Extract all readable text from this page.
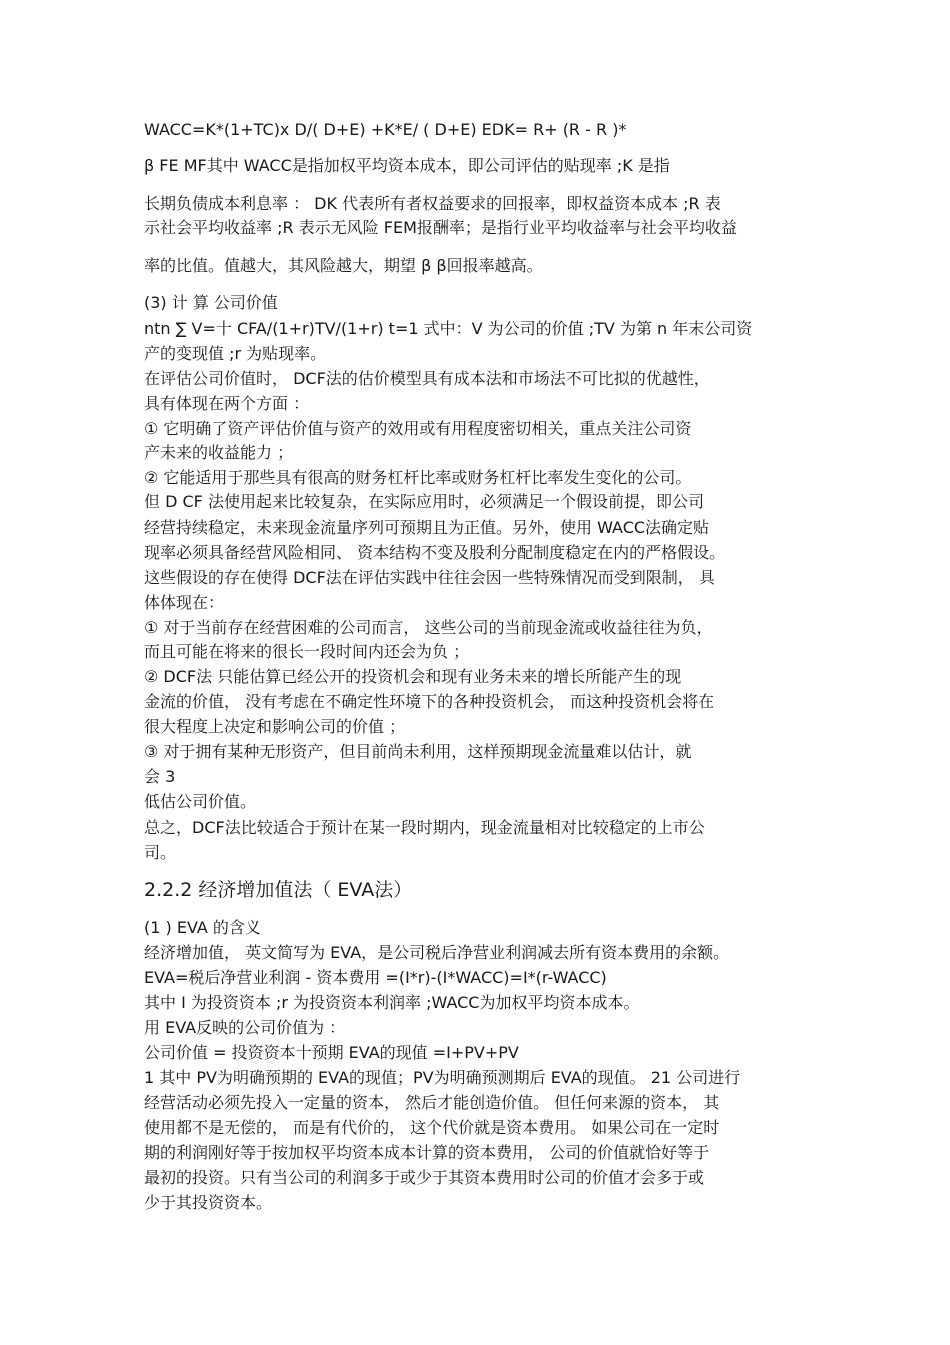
WACC=K*(1+TC)x D/( D+E) +K*E/ ( D+E) EDK= R+ (R - R )*
β FE MF其中 WACC是指加权平均资本成本，即公司评估的贴现率 ;K 是指
长期负债成本利息率 ： DK 代表所有者权益要求的回报率，即权益资本成本 ;R 表
示社会平均收益率 ;R 表示无风险 FEM报酬率；是指行业平均收益率与社会平均收益
率的比值。值越大，其风险越大，期望 β β回报率越高。
(3) 计 算 公司价值
ntn ∑ V=十 CFA/(1+r)TV/(1+r) t=1 式中：V 为公司的价值 ;TV 为第 n 年末公司资
产的变现值 ;r 为贴现率。
在评估公司价值时， DCF法的估价模型具有成本法和市场法不可比拟的优越性，
具有体现在两个方面 ：
① 它明确了资产评估价值与资产的效用或有用程度密切相关，重点关注公司资
产未来的收益能力 ；
② 它能适用于那些具有很高的财务杠杆比率或财务杠杆比率发生变化的公司。
但 D CF 法使用起来比较复杂，在实际应用时，必须满足一个假设前提，即公司
经营持续稳定，未来现金流量序列可预期且为正值。另外，使用 WACC法确定贴
现率必须具备经营风险相同、 资本结构不变及股利分配制度稳定在内的严格假设。
这些假设的存在使得 DCF法在评估实践中往往会因一些特殊情况而受到限制， 具
体体现在：
① 对于当前存在经营困难的公司而言， 这些公司的当前现金流或收益往往为负，
而且可能在将来的很长一段时间内还会为负 ；
② DCF法 只能估算已经公开的投资机会和现有业务未来的增长所能产生的现
金流的价值， 没有考虑在不确定性环境下的各种投资机会， 而这种投资机会将在
很大程度上决定和影响公司的价值 ；
③ 对于拥有某种无形资产，但目前尚未利用，这样预期现金流量难以估计，就
会 3
低估公司价值。
总之，DCF法比较适合于预计在某一段时期内，现金流量相对比较稳定的上市公
司。
2.2.2 经济增加值法（ EVA法）
(1 ) EVA 的含义
经济增加值， 英文简写为 EVA，是公司税后净营业利润减去所有资本费用的余额。
EVA=税后净营业利润 - 资本费用 =(I*r)-(I*WACC)=I*(r-WACC)
其中 I 为投资资本 ;r 为投资资本利润率 ;WACC为加权平均资本成本。
用 EVA反映的公司价值为 ：
公司价值 = 投资资本十预期 EVA的现值 =I+PV+PV
1 其中 PV为明确预期的 EVA的现值；PV为明确预测期后 EVA的现值。 21 公司进行
经营活动必须先投入一定量的资本， 然后才能创造价值。 但任何来源的资本， 其
使用都不是无偿的， 而是有代价的， 这个代价就是资本费用。 如果公司在一定时
期的利润刚好等于按加权平均资本成本计算的资本费用， 公司的价值就恰好等于
最初的投资。只有当公司的利润多于或少于其资本费用时公司的价值才会多于或
少于其投资资本。
